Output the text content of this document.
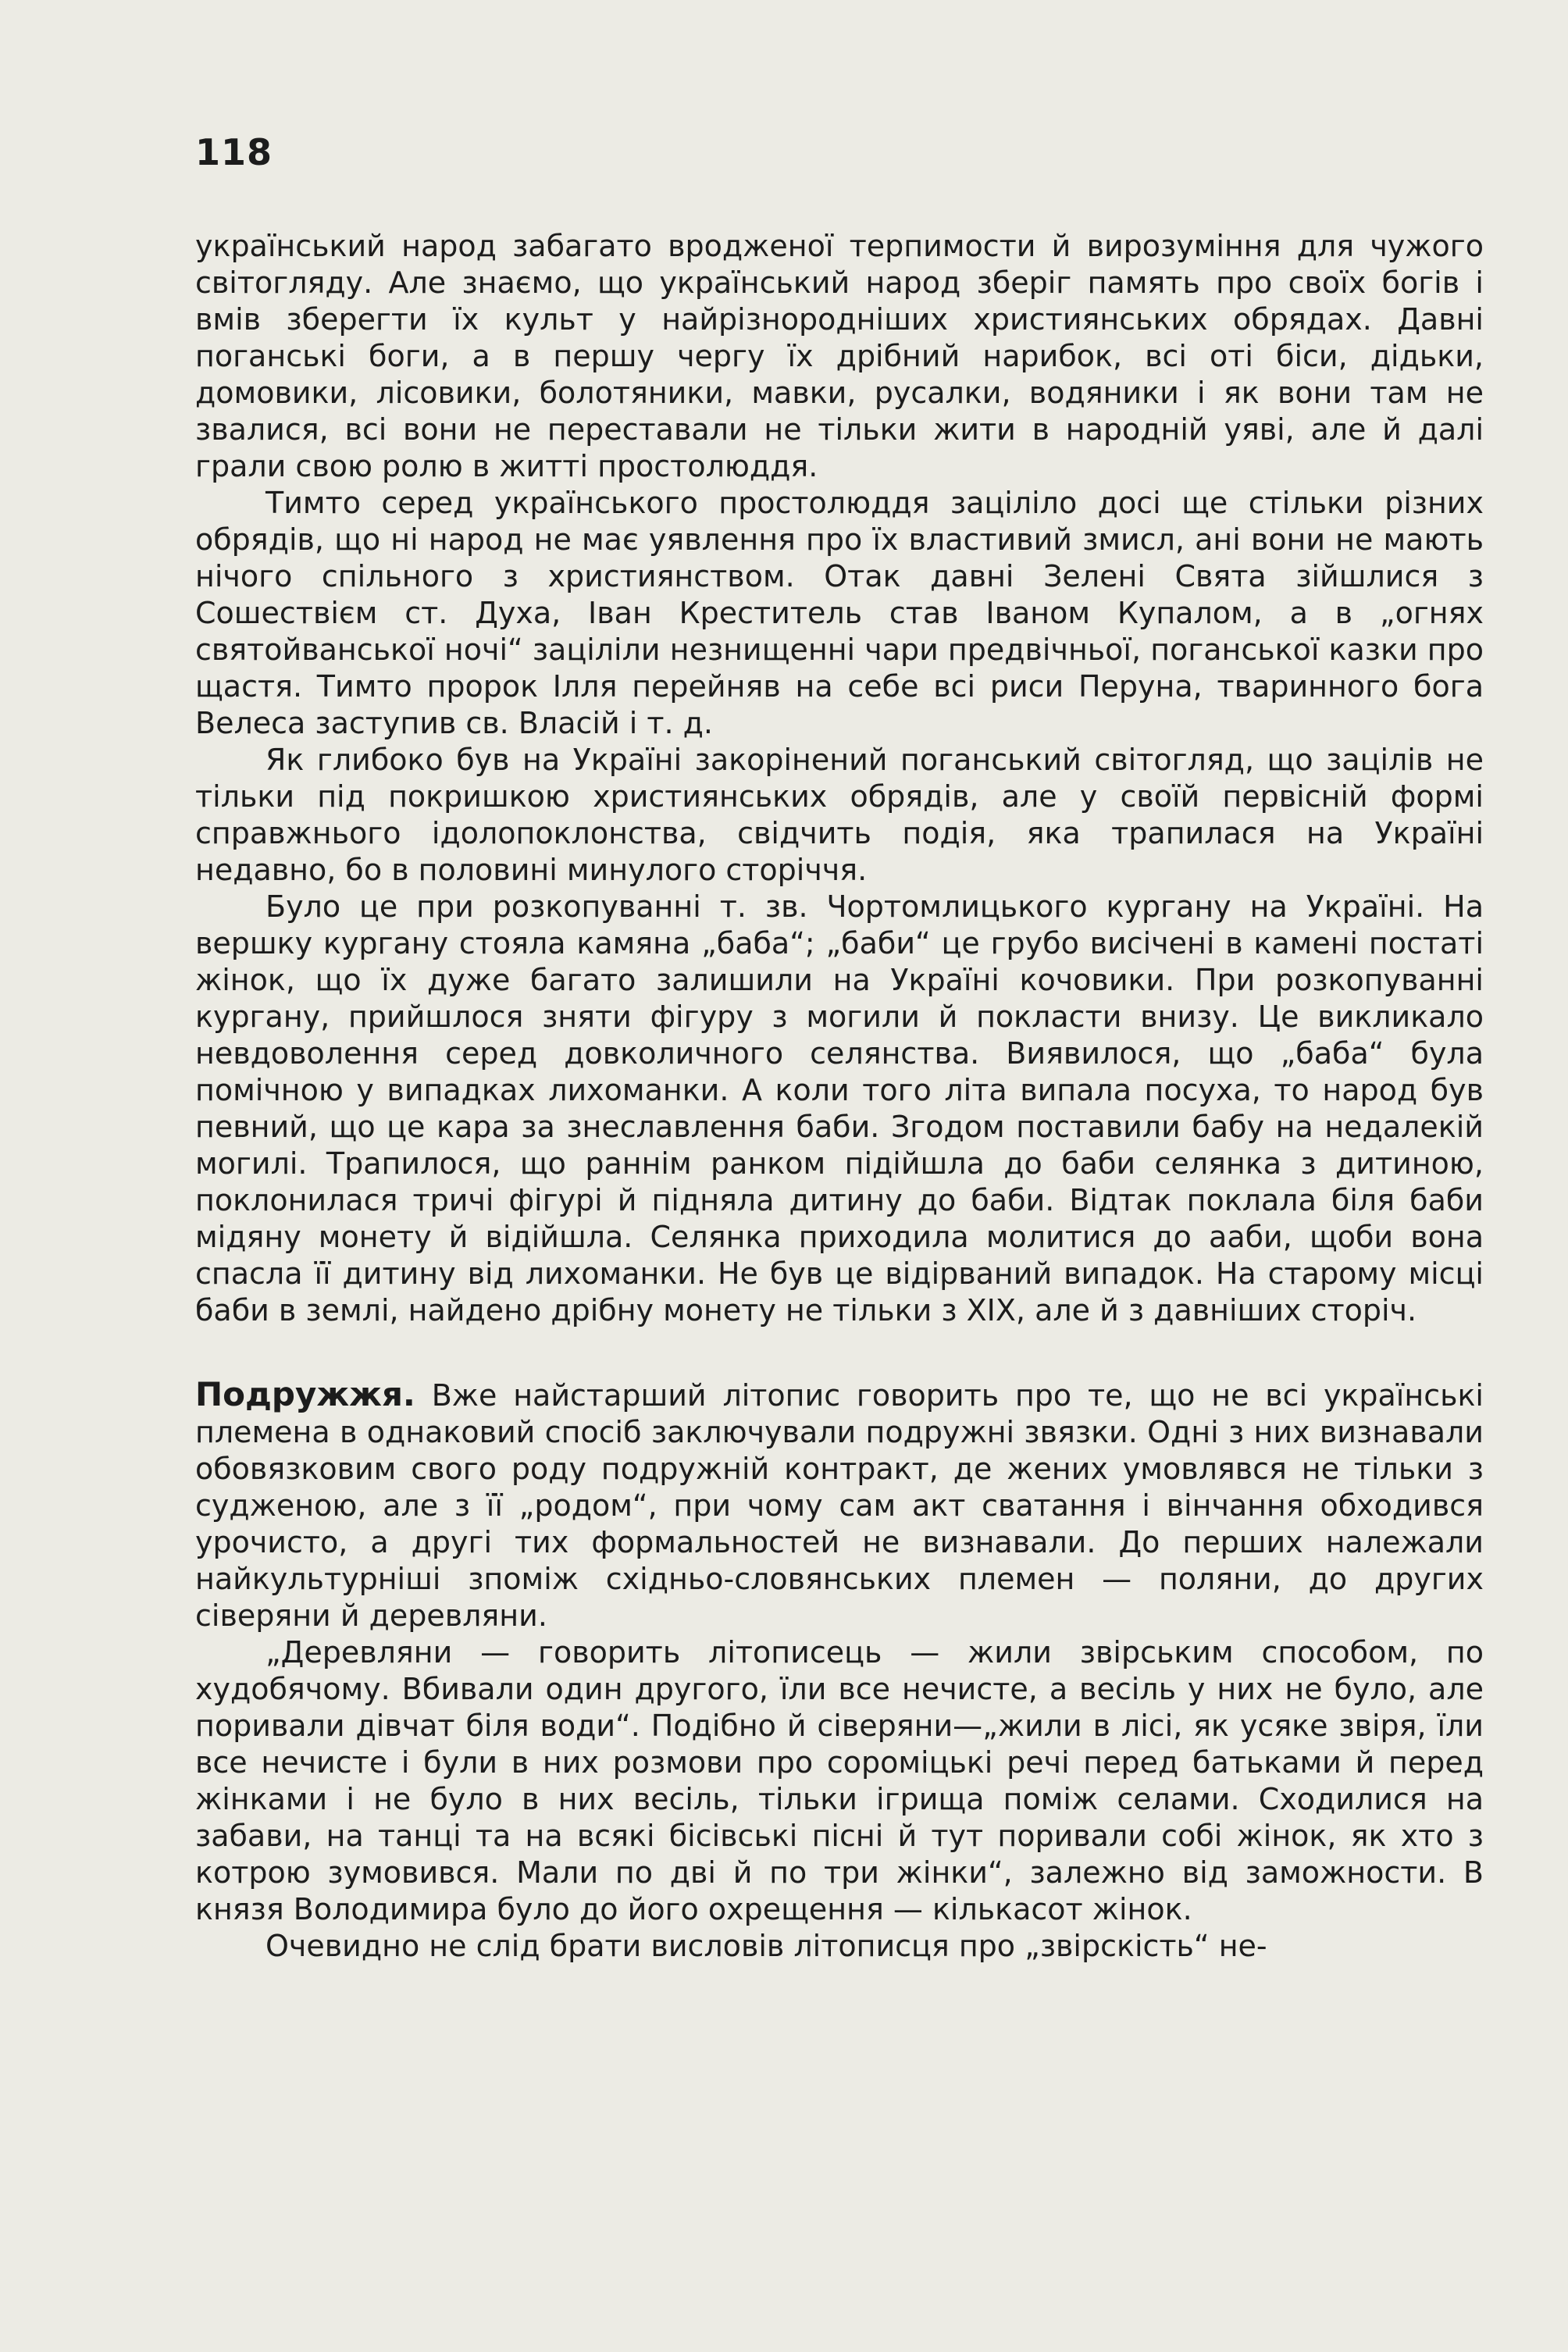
118

український народ забагато вродженої терпимости й вирозуміння для чужого світогляду. Але знаємо, що український народ зберіг память про своїх богів і вмів зберегти їх культ у найрізнородніших християнських обрядах. Давні поганські боги, а в першу чергу їх дрібний нарибок, всі оті біси, дідьки, домовики, лісовики, болотяники, мавки, русалки, водяники і як вони там не звалися, всі вони не переставали не тільки жити в народній уяві, але й далі грали свою ролю в житті простолюддя.

Тимто серед українського простолюддя заціліло досі ще стільки різних обрядів, що ні народ не має уявлення про їх властивий змисл, ані вони не мають нічого спільного з християнством. Отак давні Зелені Свята зійшлися з Сошествієм ст. Духа, Іван Креститель став Іваном Купалом, а в „огнях святойванської ночі“ заціліли незнищенні чари предвічньої, поганської казки про щастя. Тимто пророк Ілля перейняв на себе всі риси Перуна, тваринного бога Велеса заступив св. Власій і т. д.

Як глибоко був на Україні закорінений поганський світогляд, що зацілів не тільки під покришкою християнських обрядів, але у своїй первісній формі справжнього ідолопоклонства, свідчить подія, яка трапилася на Україні недавно, бо в половині минулого сторіччя.

Було це при розкопуванні т. зв. Чортомлицького кургану на Україні. На вершку кургану стояла камяна „баба“; „баби“ це грубо висічені в камені постаті жінок, що їх дуже багато залишили на Україні кочовики. При розкопуванні кургану, прийшлося зняти фігуру з могили й покласти внизу. Це викликало невдоволення серед довколичного селянства. Виявилося, що „баба“ була помічною у випадках лихоманки. А коли того літа випала посуха, то народ був певний, що це кара за знеславлення баби. Згодом поставили бабу на недалекій могилі. Трапилося, що раннім ранком підійшла до баби селянка з дитиною, поклонилася тричі фігурі й підняла дитину до баби. Відтак поклала біля баби мідяну монету й відійшла. Селянка приходила молитися до ааби, щоби вона спасла її дитину від лихоманки. Не був це відірваний випадок. На старому місці баби в землі, найдено дрібну монету не тільки з XIX, але й з давніших сторіч.

Подружжя. Вже найстарший літопис говорить про те, що не всі українські племена в однаковий спосіб заключували подружні звязки. Одні з них визнавали обовязковим свого роду подружній контракт, де жених умовлявся не тільки з судженою, але з її „родом“, при чому сам акт сватання і вінчання обходився урочисто, а другі тих формальностей не визнавали. До перших належали найкультурніші зпоміж східньо-словянських племен — поляни, до других сіверяни й деревляни.

„Деревляни — говорить літописець — жили звірським способом, по худобячому. Вбивали один другого, їли все нечисте, а весіль у них не було, але поривали дівчат біля води“. Подібно й сіверяни—„жили в лісі, як усяке звіря, їли все нечисте і були в них розмови про сороміцькі речі перед батьками й перед жінками і не було в них весіль, тільки ігрища поміж селами. Сходилися на забави, на танці та на всякі бісівські пісні й тут поривали собі жінок, як хто з котрою зумовився. Мали по дві й по три жінки“, залежно від заможности. В князя Володимира було до його охрещення — кількасот жінок.

Очевидно не слід брати висловів літописця про „звірскість“ не-
